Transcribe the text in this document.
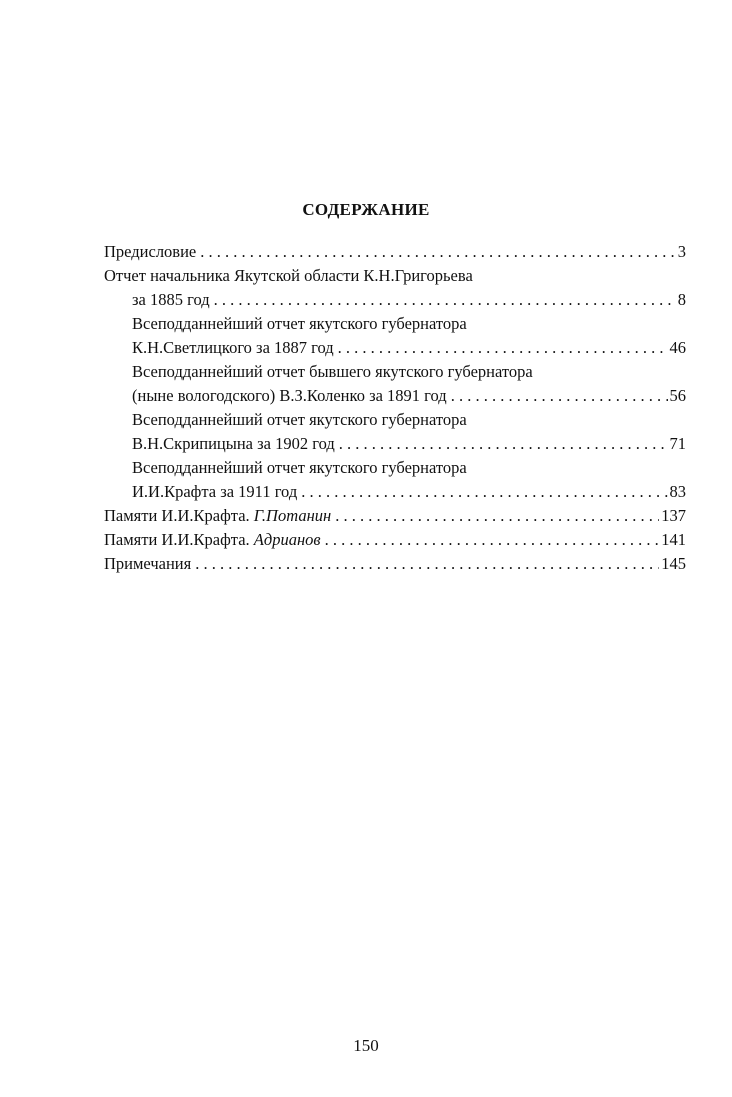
СОДЕРЖАНИЕ
Предисловие . . .	3
Отчет начальника Якутской области К.Н.Григорьева
за 1885 год . . .	8
Всеподданнейший отчет якутского губернатора
К.Н.Светлицкого за 1887 год . . .	46
Всеподданнейший отчет бывшего якутского губернатора
(ныне вологодского) В.З.Коленко за 1891 год . . .	56
Всеподданнейший отчет якутского губернатора
В.Н.Скрипицына за 1902 год . . .	71
Всеподданнейший отчет якутского губернатора
И.И.Крафта за 1911 год . . .	83
Памяти И.И.Крафта. Г.Потанин . . .	137
Памяти И.И.Крафта. Адрианов . . .	141
Примечания . . .	145
150
